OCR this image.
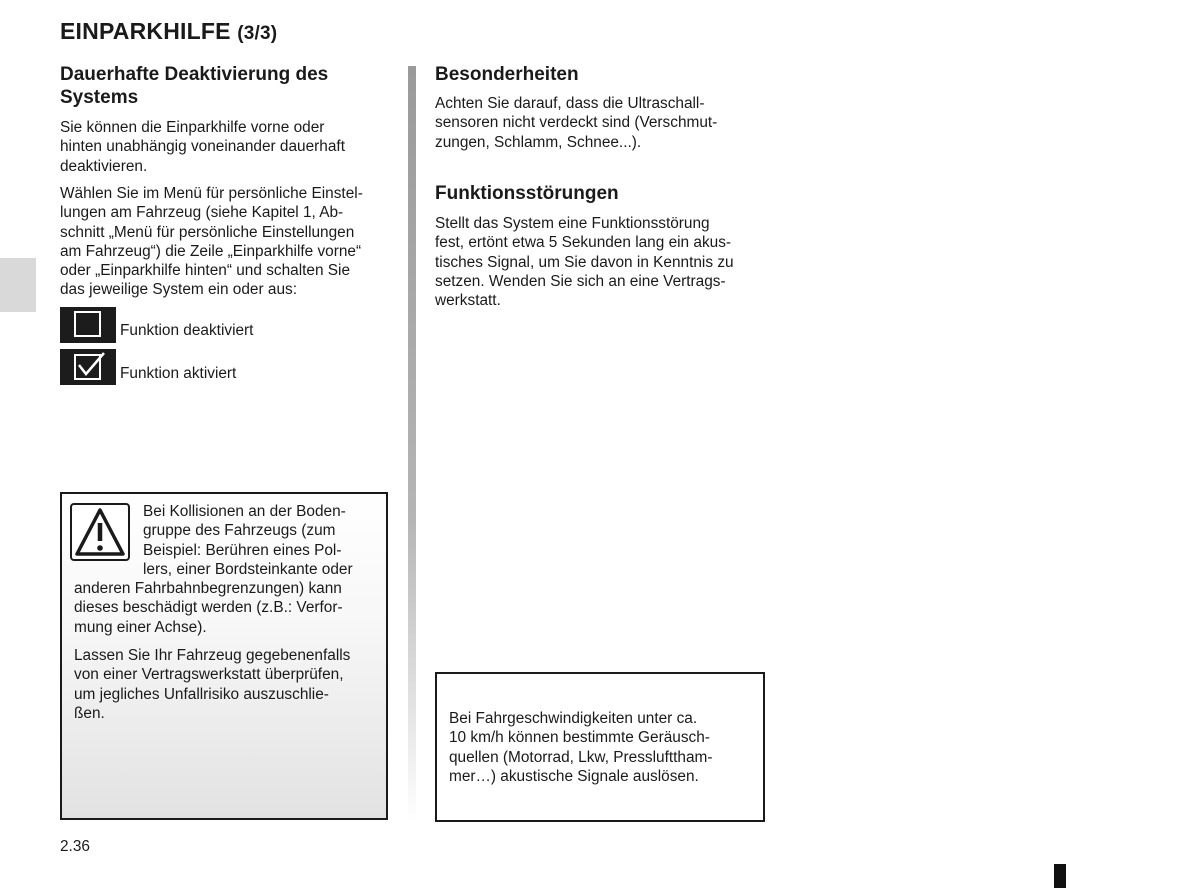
EINPARKHILFE (3/3)
Dauerhafte Deaktivierung des
Systems
Sie können die Einparkhilfe vorne oder
hinten unabhängig voneinander dauerhaft
deaktivieren.
Wählen Sie im Menü für persönliche Einstel-
lungen am Fahrzeug (siehe Kapitel 1, Ab-
schnitt „Menü für persönliche Einstellungen
am Fahrzeug“) die Zeile „Einparkhilfe vorne“
oder „Einparkhilfe hinten“ und schalten Sie
das jeweilige System ein oder aus:
Funktion deaktiviert
Funktion aktiviert
Bei Kollisionen an der Boden-
gruppe des Fahrzeugs (zum
Beispiel: Berühren eines Pol-
lers, einer Bordsteinkante oder
anderen Fahrbahnbegrenzungen) kann
dieses beschädigt werden (z.B.: Verfor-
mung einer Achse).
Lassen Sie Ihr Fahrzeug gegebenenfalls
von einer Vertragswerkstatt überprüfen,
um jegliches Unfallrisiko auszuschlie-
ßen.
Besonderheiten
Achten Sie darauf, dass die Ultraschall-
sensoren nicht verdeckt sind (Verschmut-
zungen, Schlamm, Schnee...).
Funktionsstörungen
Stellt das System eine Funktionsstörung
fest, ertönt etwa 5 Sekunden lang ein akus-
tisches Signal, um Sie davon in Kenntnis zu
setzen. Wenden Sie sich an eine Vertrags-
werkstatt.
Bei Fahrgeschwindigkeiten unter ca.
10 km/h können bestimmte Geräusch-
quellen (Motorrad, Lkw, Presslufttham-
mer…) akustische Signale auslösen.
2.36
